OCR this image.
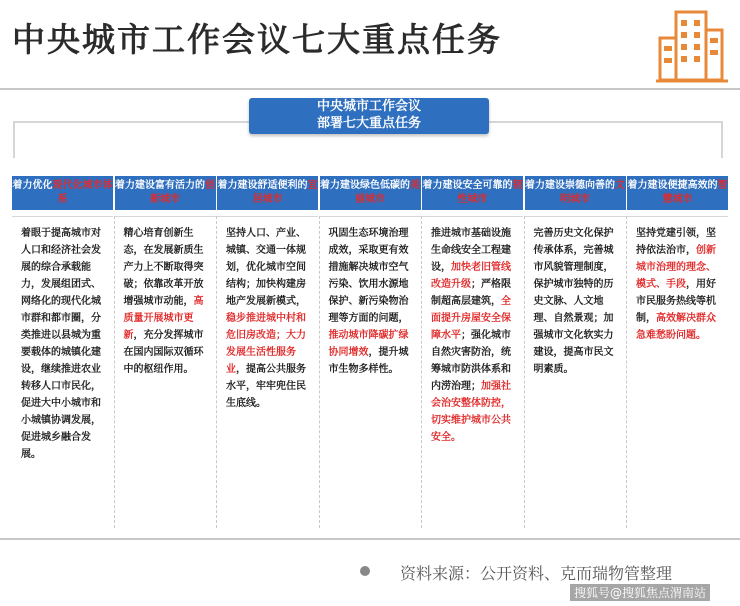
中央城市工作会议七大重点任务
中央城市工作会议
部署七大重点任务
着力优化现代化城市体系
着眼于提高城市对人口和经济社会发展的综合承载能力，发展组团式、网络化的现代化城市群和都市圈，分类推进以县城为重要载体的城镇化建设，继续推进农业转移人口市民化，促进大中小城市和小城镇协调发展，促进城乡融合发展。
着力建设富有活力的创新城市
精心培育创新生态，在发展新质生产力上不断取得突破；依靠改革开放增强城市动能，高质量开展城市更新，充分发挥城市在国内国际双循环中的枢纽作用。
着力建设舒适便利的宜居城市
坚持人口、产业、城镇、交通一体规划，优化城市空间结构；加快构建房地产发展新模式，稳步推进城中村和危旧房改造；大力发展生活性服务业，提高公共服务水平，牢牢兜住民生底线。
着力建设绿色低碳的美丽城市
巩固生态环境治理成效，采取更有效措施解决城市空气污染、饮用水源地保护、新污染物治理等方面的问题，推动城市降碳扩绿协同增效，提升城市生物多样性。
着力建设安全可靠的韧性城市
推进城市基础设施生命线安全工程建设，加快老旧管线改造升级；严格限制超高层建筑，全面提升房屋安全保障水平；强化城市自然灾害防治，统筹城市防洪体系和内涝治理；加强社会治安整体防控，切实维护城市公共安全。
着力建设崇德向善的文明城市
完善历史文化保护传承体系，完善城市风貌管理制度，保护城市独特的历史文脉、人文地理、自然景观；加强城市文化软实力建设，提高市民文明素质。
着力建设便捷高效的智慧城市
坚持党建引领，坚持依法治市，创新城市治理的理念、模式、手段，用好市民服务热线等机制，高效解决群众急难愁盼问题。
资料来源：公开资料、克而瑞物管整理
搜狐号@搜狐焦点渭南站
